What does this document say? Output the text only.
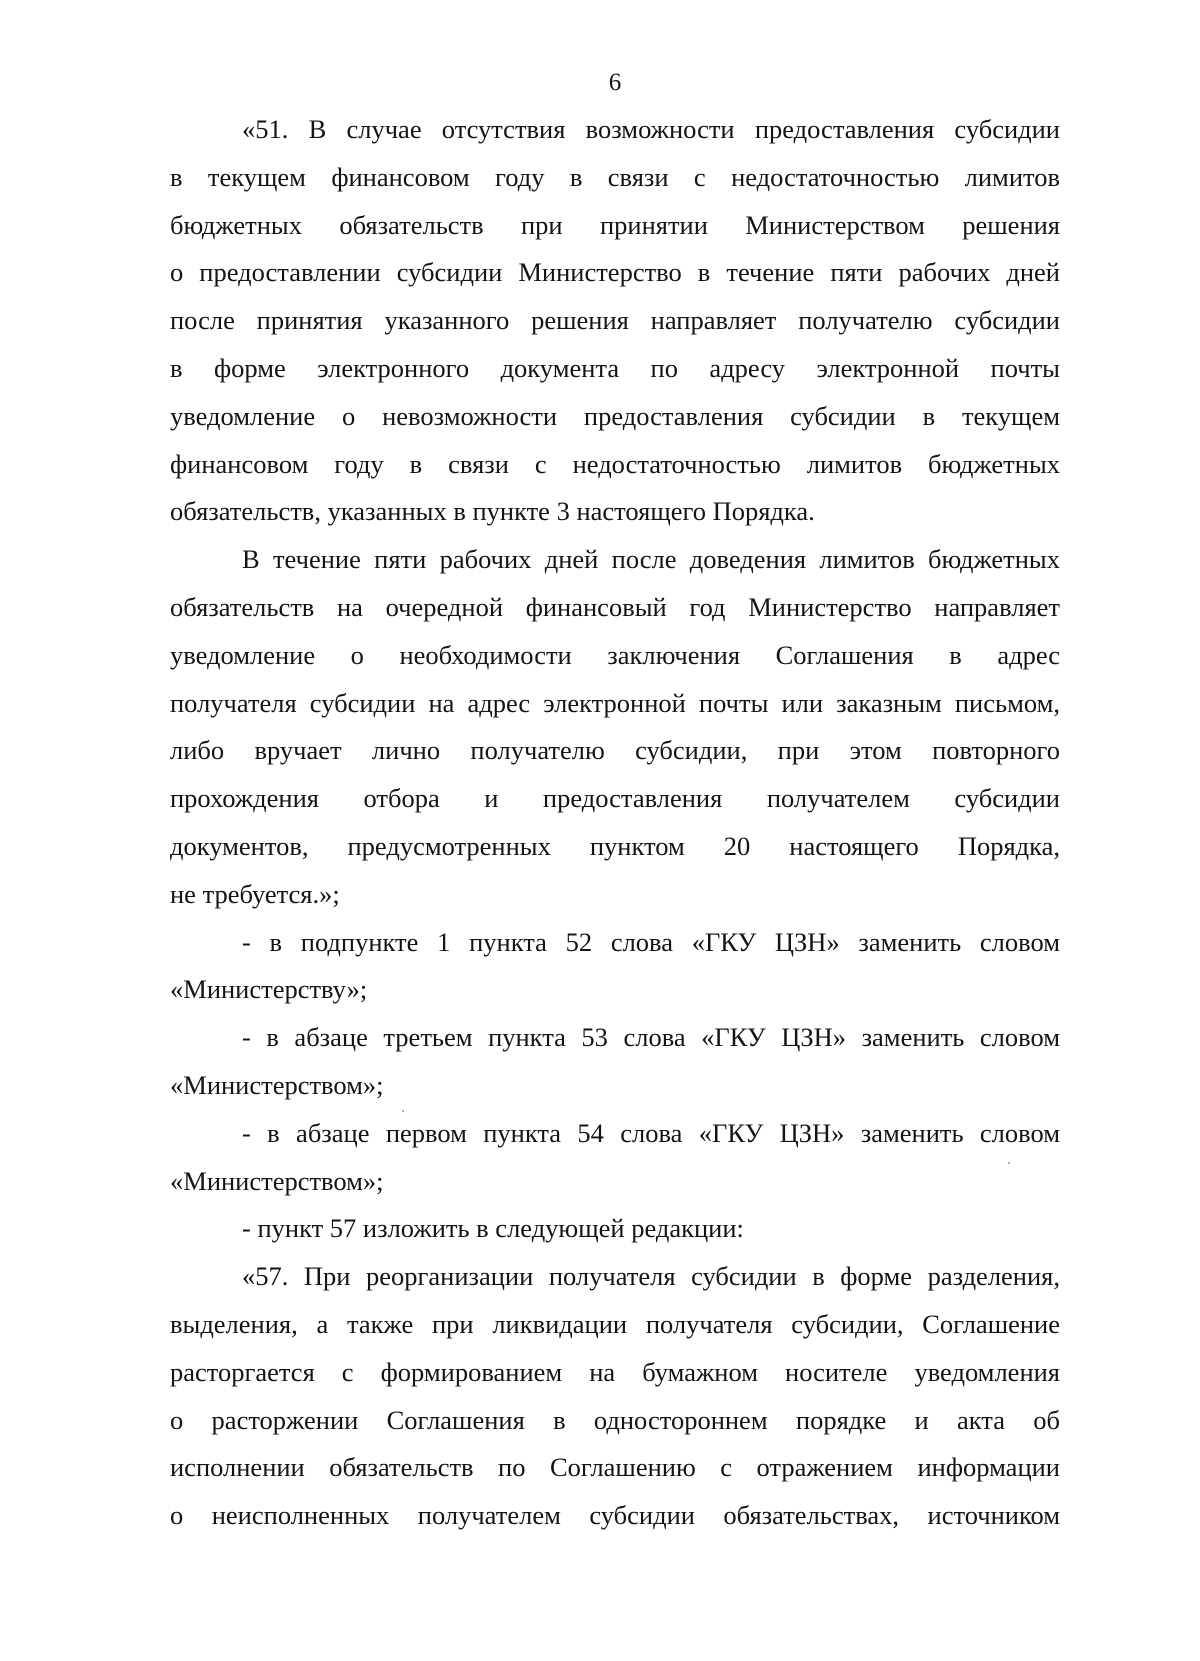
6
«51. В случае отсутствия возможности предоставления субсидии
в текущем финансовом году в связи с недостаточностью лимитов
бюджетных обязательств при принятии Министерством решения
о предоставлении субсидии Министерство в течение пяти рабочих дней
после принятия указанного решения направляет получателю субсидии
в форме электронного документа по адресу электронной почты
уведомление о невозможности предоставления субсидии в текущем
финансовом году в связи с недостаточностью лимитов бюджетных
обязательств, указанных в пункте 3 настоящего Порядка.
В течение пяти рабочих дней после доведения лимитов бюджетных
обязательств на очередной финансовый год Министерство направляет
уведомление о необходимости заключения Соглашения в адрес
получателя субсидии на адрес электронной почты или заказным письмом,
либо вручает лично получателю субсидии, при этом повторного
прохождения отбора и предоставления получателем субсидии
документов, предусмотренных пунктом 20 настоящего Порядка,
не требуется.»;
- в подпункте 1 пункта 52 слова «ГКУ ЦЗН» заменить словом
«Министерству»;
- в абзаце третьем пункта 53 слова «ГКУ ЦЗН» заменить словом
«Министерством»;
- в абзаце первом пункта 54 слова «ГКУ ЦЗН» заменить словом
«Министерством»;
- пункт 57 изложить в следующей редакции:
«57. При реорганизации получателя субсидии в форме разделения,
выделения, а также при ликвидации получателя субсидии, Соглашение
расторгается с формированием на бумажном носителе уведомления
о расторжении Соглашения в одностороннем порядке и акта об
исполнении обязательств по Соглашению с отражением информации
о неисполненных получателем субсидии обязательствах, источником
